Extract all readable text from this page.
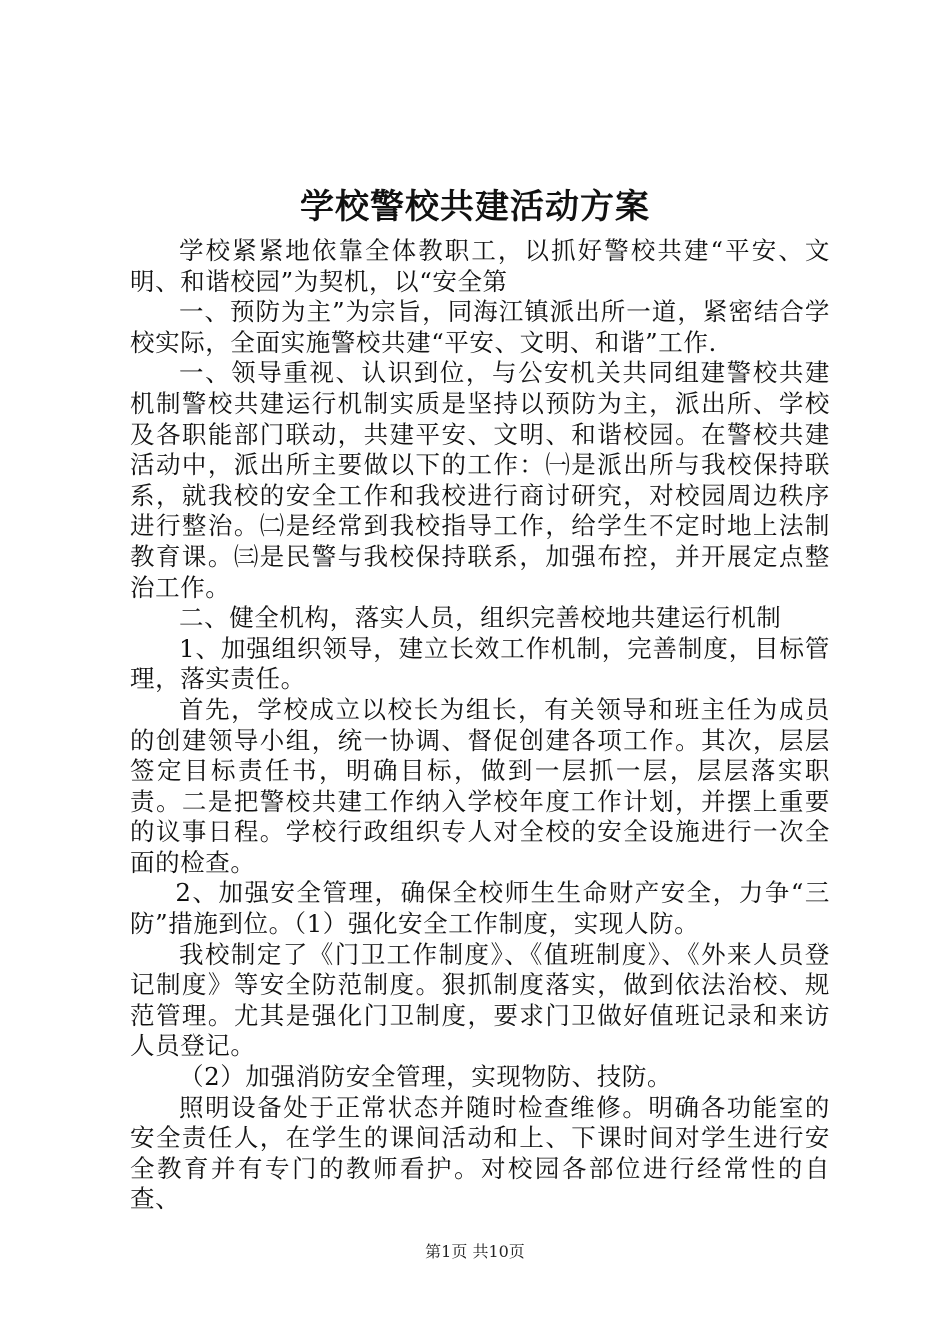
学校警校共建活动方案

学校紧紧地依靠全体教职工，以抓好警校共建“平安、文明、和谐校园”为契机，以“安全第

一、预防为主”为宗旨，同海江镇派出所一道，紧密结合学校实际，全面实施警校共建“平安、文明、和谐”工作.

一、领导重视、认识到位，与公安机关共同组建警校共建机制警校共建运行机制实质是坚持以预防为主，派出所、学校及各职能部门联动，共建平安、文明、和谐校园。在警校共建活动中，派出所主要做以下的工作：㈠是派出所与我校保持联系，就我校的安全工作和我校进行商讨研究，对校园周边秩序进行整治。㈡是经常到我校指导工作，给学生不定时地上法制教育课。㈢是民警与我校保持联系，加强布控，并开展定点整治工作。

二、健全机构，落实人员，组织完善校地共建运行机制

1、加强组织领导，建立长效工作机制，完善制度，目标管理，落实责任。

首先，学校成立以校长为组长，有关领导和班主任为成员的创建领导小组，统一协调、督促创建各项工作。其次，层层签定目标责任书，明确目标，做到一层抓一层，层层落实职责。二是把警校共建工作纳入学校年度工作计划，并摆上重要的议事日程。学校行政组织专人对全校的安全设施进行一次全面的检查。

2、加强安全管理，确保全校师生生命财产安全，力争“三防”措施到位。（1）强化安全工作制度，实现人防。

我校制定了《门卫工作制度》、《值班制度》、《外来人员登记制度》等安全防范制度。狠抓制度落实，做到依法治校、规范管理。尤其是强化门卫制度，要求门卫做好值班记录和来访人员登记。

（2）加强消防安全管理，实现物防、技防。

照明设备处于正常状态并随时检查维修。明确各功能室的安全责任人，在学生的课间活动和上、下课时间对学生进行安全教育并有专门的教师看护。对校园各部位进行经常性的自查、

第1页 共10页
